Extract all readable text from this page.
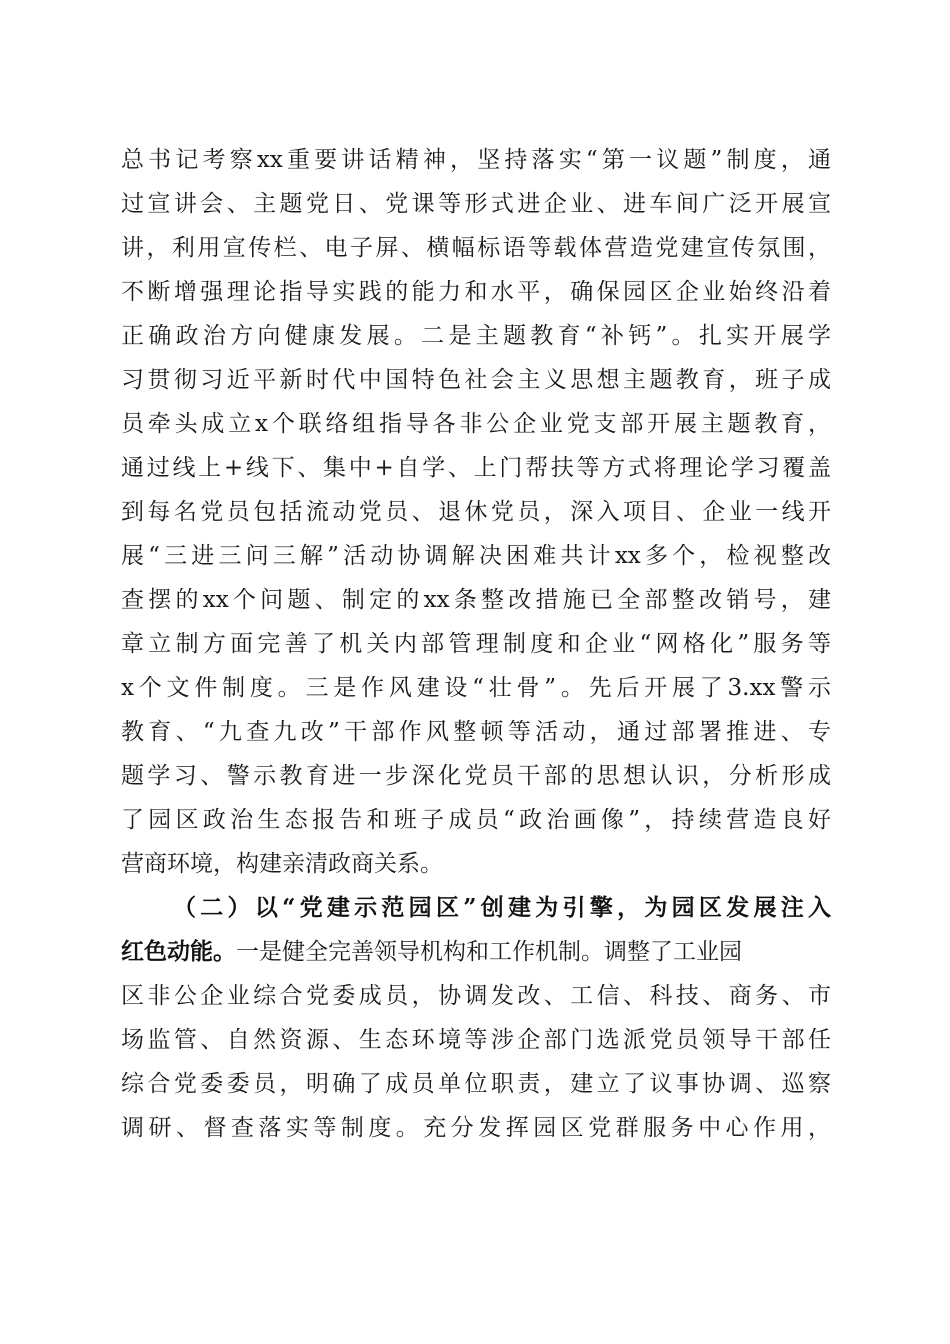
总书记考察xx重要讲话精神，坚持落实“第一议题”制度，通
过宣讲会、主题党日、党课等形式进企业、进车间广泛开展宣
讲，利用宣传栏、电子屏、横幅标语等载体营造党建宣传氛围，
不断增强理论指导实践的能力和水平，确保园区企业始终沿着
正确政治方向健康发展。二是主题教育“补钙”。扎实开展学
习贯彻习近平新时代中国特色社会主义思想主题教育，班子成
员牵头成立x个联络组指导各非公企业党支部开展主题教育，
通过线上+线下、集中+自学、上门帮扶等方式将理论学习覆盖
到每名党员包括流动党员、退休党员，深入项目、企业一线开
展“三进三问三解”活动协调解决困难共计xx多个，检视整改
查摆的xx个问题、制定的xx条整改措施已全部整改销号，建
章立制方面完善了机关内部管理制度和企业“网格化”服务等
x个文件制度。三是作风建设“壮骨”。先后开展了3.xx警示
教育、“九查九改”干部作风整顿等活动，通过部署推进、专
题学习、警示教育进一步深化党员干部的思想认识，分析形成
了园区政治生态报告和班子成员“政治画像”，持续营造良好
营商环境，构建亲清政商关系。
（二）以“党建示范园区”创建为引擎，为园区发展注入
红色动能。一是健全完善领导机构和工作机制。调整了工业园
区非公企业综合党委成员，协调发改、工信、科技、商务、市
场监管、自然资源、生态环境等涉企部门选派党员领导干部任
综合党委委员，明确了成员单位职责，建立了议事协调、巡察
调研、督查落实等制度。充分发挥园区党群服务中心作用，
